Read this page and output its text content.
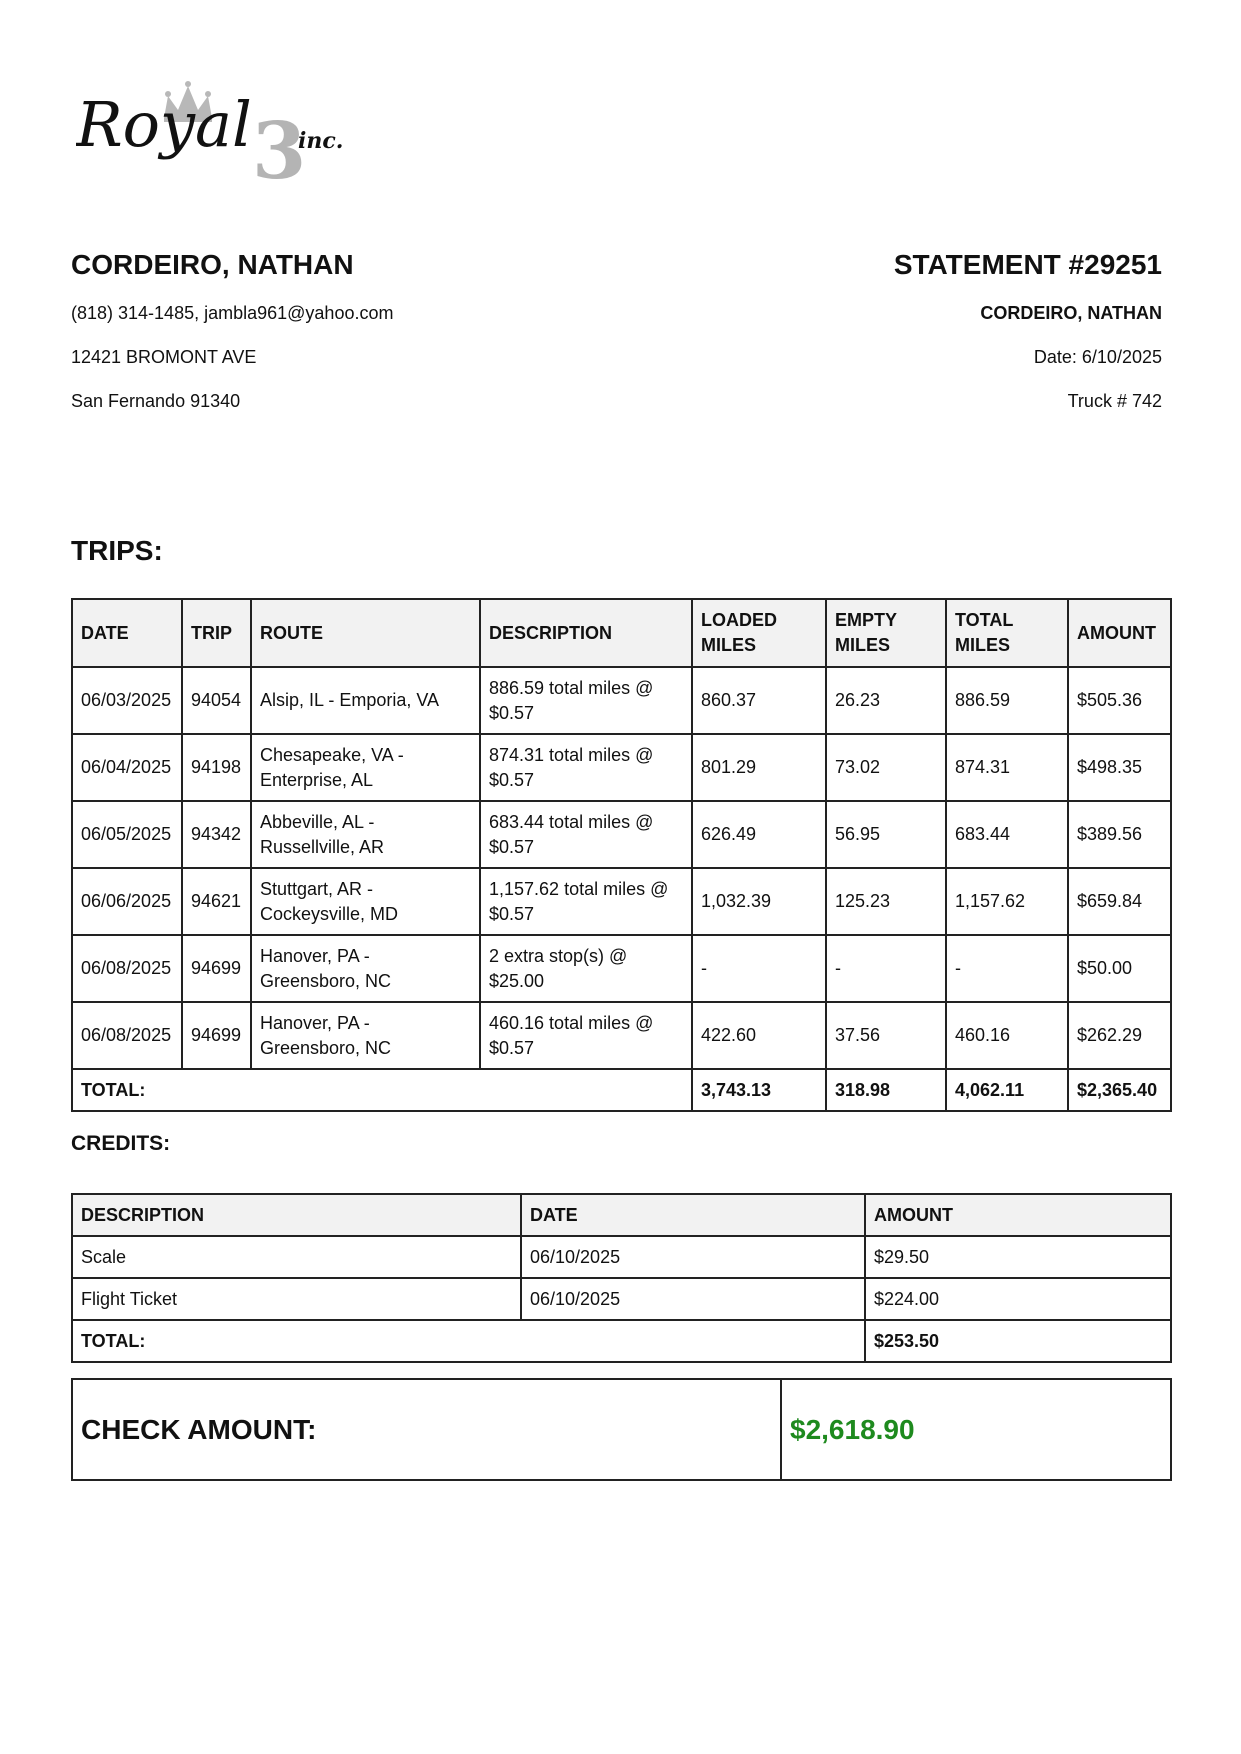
3
Royal inc.
CORDEIRO, NATHAN
(818) 314-1485, jambla961@yahoo.com
12421 BROMONT AVE
San Fernando 91340
STATEMENT #29251
CORDEIRO, NATHAN
Date: 6/10/2025
Truck # 742
TRIPS:
DATE	TRIP	ROUTE	DESCRIPTION	LOADED MILES	EMPTY MILES	TOTAL MILES	AMOUNT
06/03/2025	94054	Alsip, IL - Emporia, VA	886.59 total miles @ $0.57	860.37	26.23	886.59	$505.36
06/04/2025	94198	Chesapeake, VA - Enterprise, AL	874.31 total miles @ $0.57	801.29	73.02	874.31	$498.35
06/05/2025	94342	Abbeville, AL - Russellville, AR	683.44 total miles @ $0.57	626.49	56.95	683.44	$389.56
06/06/2025	94621	Stuttgart, AR - Cockeysville, MD	1,157.62 total miles @ $0.57	1,032.39	125.23	1,157.62	$659.84
06/08/2025	94699	Hanover, PA - Greensboro, NC	2 extra stop(s) @ $25.00	-	-	-	$50.00
06/08/2025	94699	Hanover, PA - Greensboro, NC	460.16 total miles @ $0.57	422.60	37.56	460.16	$262.29
TOTAL:				3,743.13	318.98	4,062.11	$2,365.40
CREDITS:
DESCRIPTION	DATE	AMOUNT
Scale	06/10/2025	$29.50
Flight Ticket	06/10/2025	$224.00
TOTAL:		$253.50
CHECK AMOUNT:	$2,618.90
